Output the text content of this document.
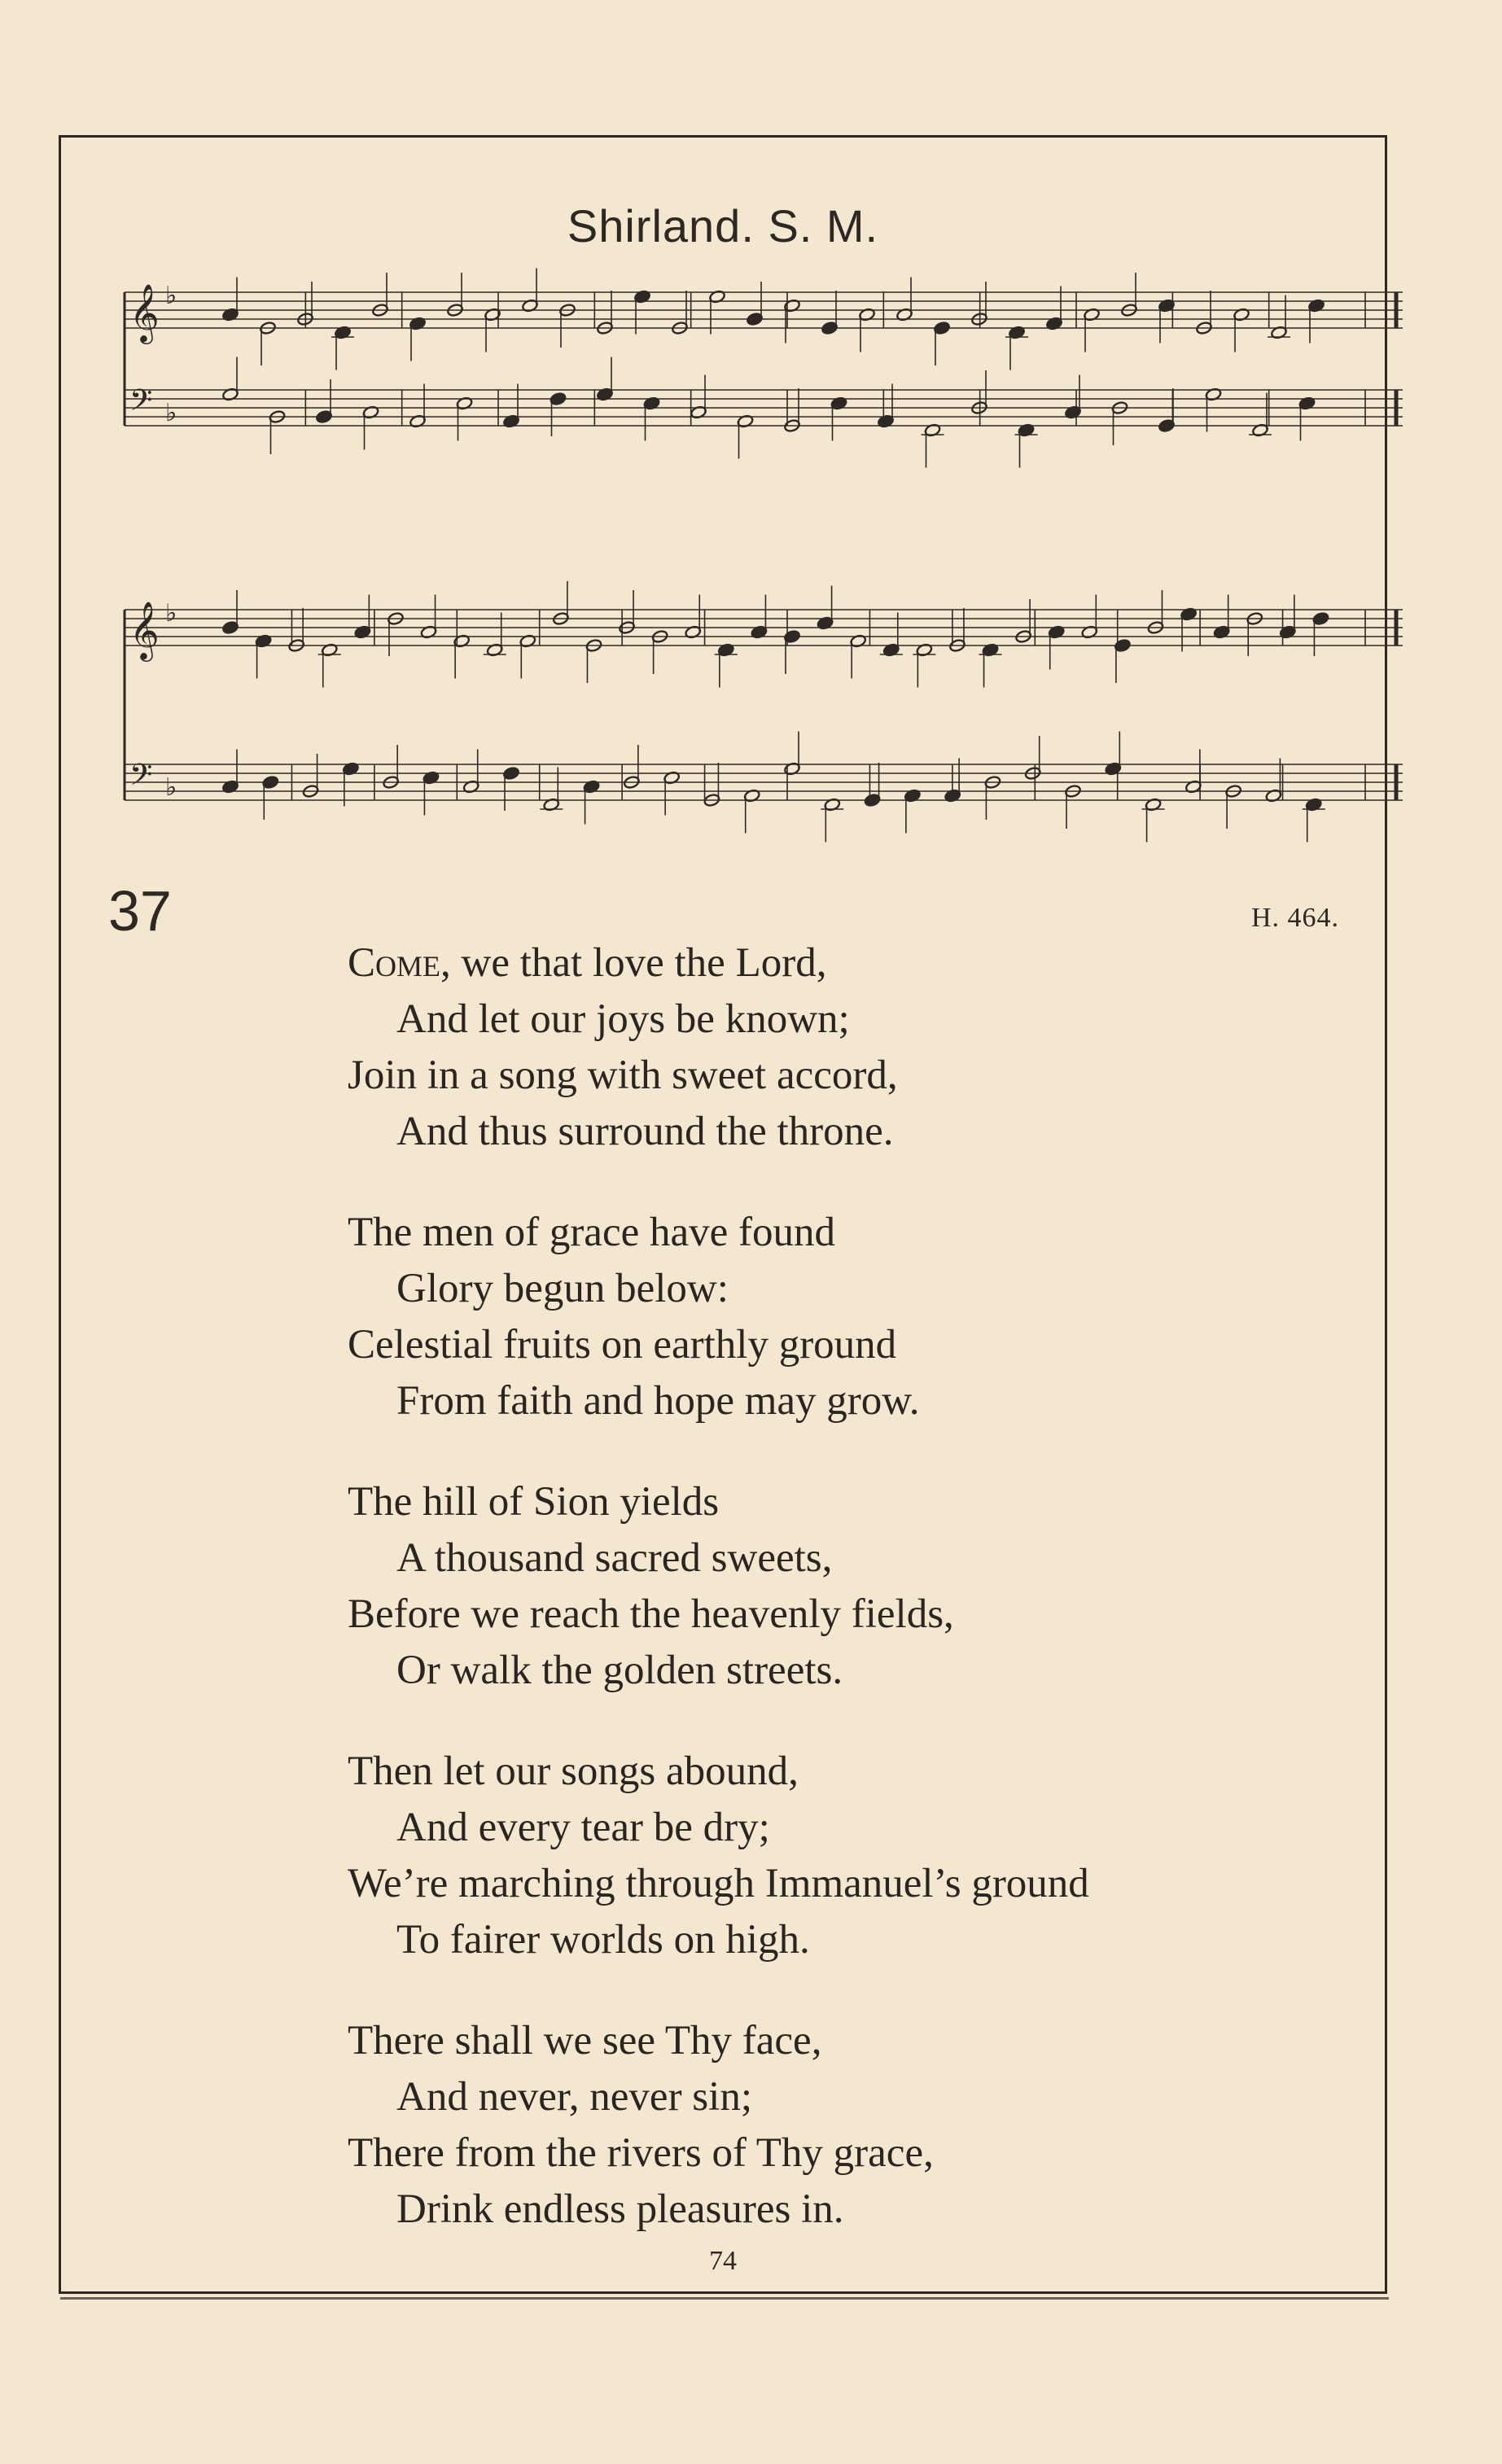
Shirland. S. M.
𝄞 ♭
𝄢 ♭
𝄞 ♭
𝄢 ♭
37	H. 464.
Come, we that love the Lord,
And let our joys be known;
Join in a song with sweet accord,
And thus surround the throne.
The men of grace have found
Glory begun below:
Celestial fruits on earthly ground
From faith and hope may grow.
The hill of Sion yields
A thousand sacred sweets,
Before we reach the heavenly fields,
Or walk the golden streets.
Then let our songs abound,
And every tear be dry;
We’re marching through Immanuel’s ground
To fairer worlds on high.
There shall we see Thy face,
And never, never sin;
There from the rivers of Thy grace,
Drink endless pleasures in.
74
